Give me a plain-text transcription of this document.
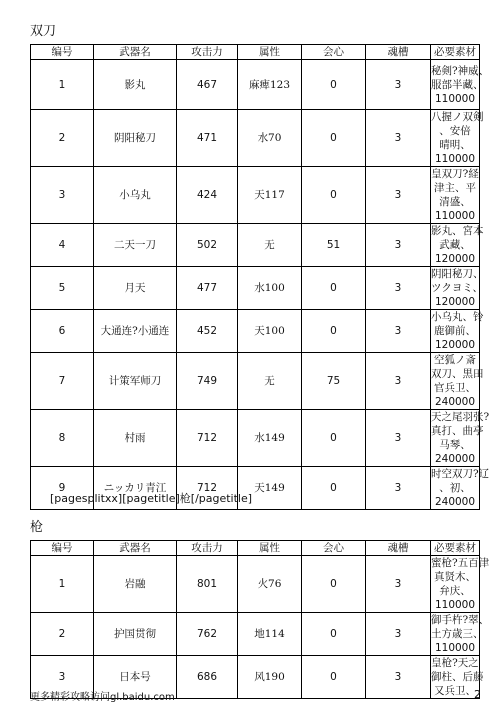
双刀
编号	武器名	攻击力	属性	会心	魂槽	必要素材
1	影丸	467	麻痺123	0	3	秘剣?神威、
服部半藏、
110000

2	阴阳秘刀	471	水70	0	3	八握ノ双剣
、安倍
晴明、
110000

3	小乌丸	424	天117	0	3	皇双刀?経
津主、平
清盛、
110000

4	二天一刀	502	无	51	3	影丸、宮本
武藏、
120000

5	月天	477	水100	0	3	阴阳秘刀、
ツクヨミ、
120000

6	大通连?小通连	452	天100	0	3	小乌丸、铃
鹿御前、
120000

7	计策军师刀	749	无	75	3	空狐ノ斎
双刀、黒田
官兵卫、
240000

8	村雨	712	水149	0	3	天之尾羽张?
真打、曲亭
马琴、
240000

9	ニッカリ青江	712	天149	0	3	时空双刀?辽
、初、
240000
[pagesplitxx][pagetitle]枪[/pagetitle]
枪
编号	武器名	攻击力	属性	会心	魂槽	必要素材
1	岩融	801	火76	0	3	蜜枪?五百津
真贤木、
弁庆、
110000

2	护国贯彻	762	地114	0	3	御手杵?翠、
土方歳三、
110000

3	日本号	686	风190	0	3	皇枪?天之
御柱、后藤
又兵卫、
更多精彩攻略访问gl.baidu.com	2
